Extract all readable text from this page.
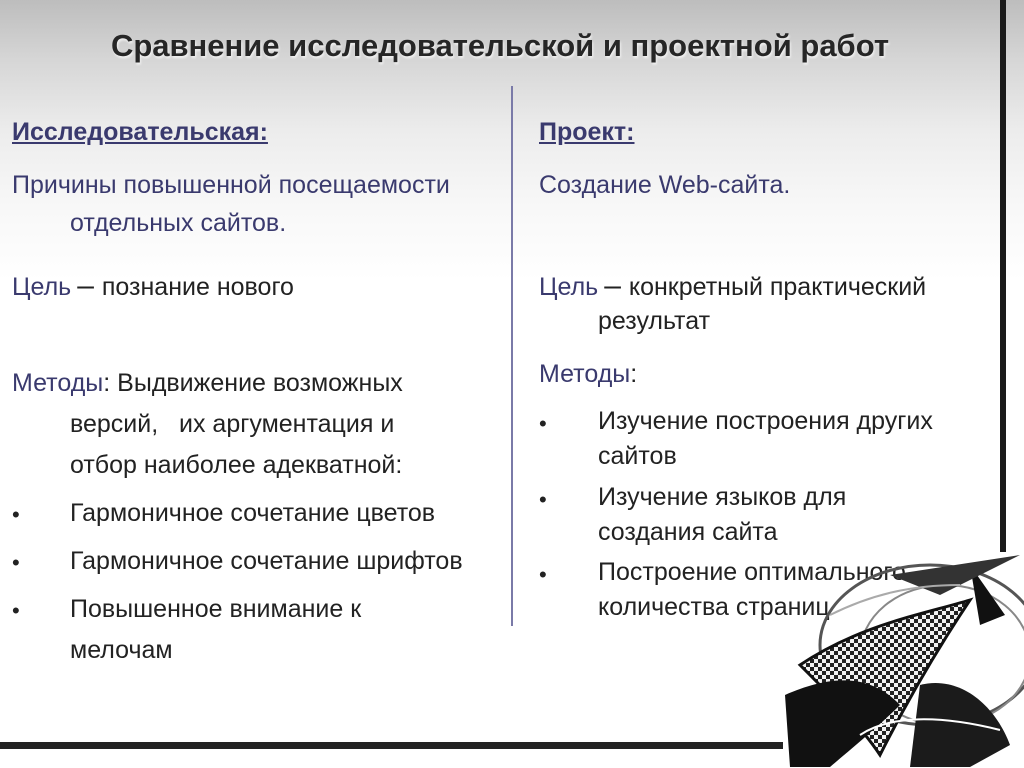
Сравнение исследовательской и проектной работ
Исследовательская:
Причины повышенной посещаемости
отдельных сайтов.
Цель – познание нового
Методы: Выдвижение возможных
версий,   их аргументация и
отбор наиболее адекватной:
• Гармоничное сочетание цветов
• Гармоничное сочетание шрифтов
• Повышенное внимание к
мелочам
Проект:
Создание Web-сайта.
Цель – конкретный практический
результат
Методы:
• Изучение построения других
сайтов
• Изучение языков для
создания сайта
• Построение оптимального
количества страниц
